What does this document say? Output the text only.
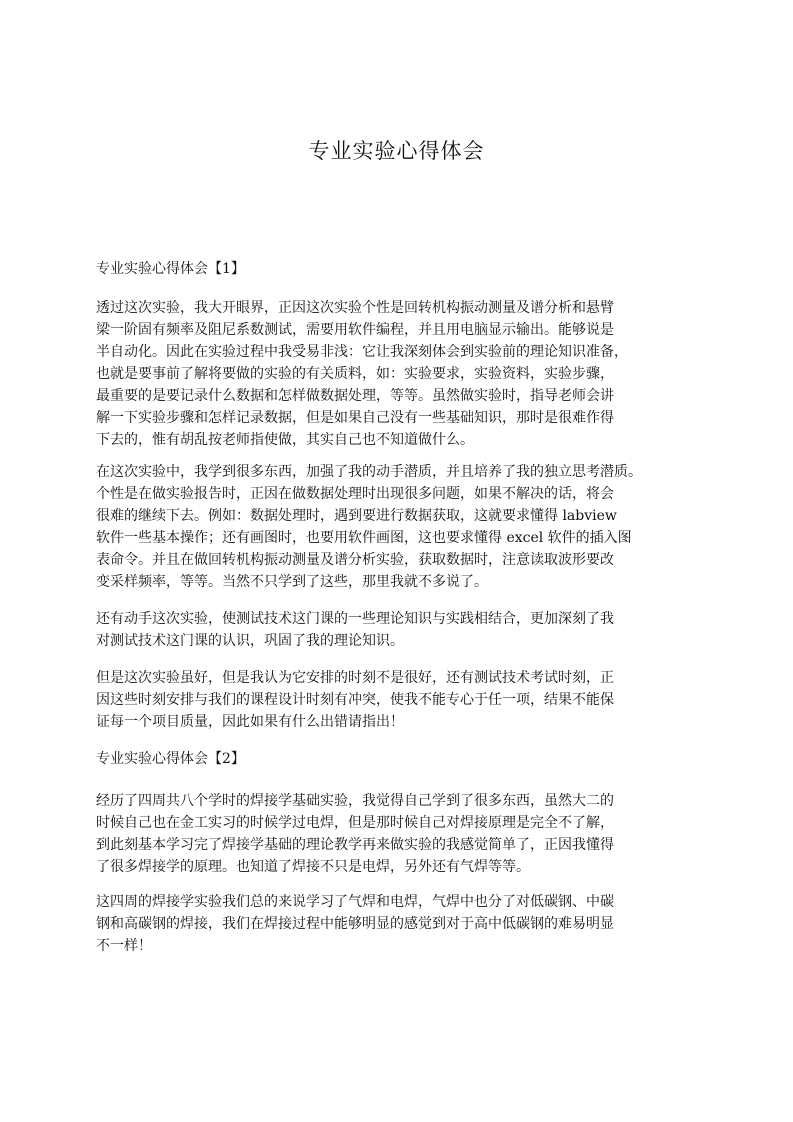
专业实验心得体会
专业实验心得体会【1】
透过这次实验，我大开眼界，正因这次实验个性是回转机构振动测量及谱分析和悬臂
梁一阶固有频率及阻尼系数测试，需要用软件编程，并且用电脑显示输出。能够说是
半自动化。因此在实验过程中我受易非浅：它让我深刻体会到实验前的理论知识准备，
也就是要事前了解将要做的实验的有关质料，如：实验要求，实验资料，实验步骤，
最重要的是要记录什么数据和怎样做数据处理，等等。虽然做实验时，指导老师会讲
解一下实验步骤和怎样记录数据，但是如果自己没有一些基础知识，那时是很难作得
下去的，惟有胡乱按老师指使做，其实自己也不知道做什么。
在这次实验中，我学到很多东西，加强了我的动手潜质，并且培养了我的独立思考潜质。
个性是在做实验报告时，正因在做数据处理时出现很多问题，如果不解决的话，将会
很难的继续下去。例如：数据处理时，遇到要进行数据获取，这就要求懂得 labview
软件一些基本操作；还有画图时，也要用软件画图，这也要求懂得 excel 软件的插入图
表命令。并且在做回转机构振动测量及谱分析实验，获取数据时，注意读取波形要改
变采样频率，等等。当然不只学到了这些，那里我就不多说了。
还有动手这次实验，使测试技术这门课的一些理论知识与实践相结合，更加深刻了我
对测试技术这门课的认识，巩固了我的理论知识。
但是这次实验虽好，但是我认为它安排的时刻不是很好，还有测试技术考试时刻，正
因这些时刻安排与我们的课程设计时刻有冲突，使我不能专心于任一项，结果不能保
证每一个项目质量，因此如果有什么出错请指出！
专业实验心得体会【2】
经历了四周共八个学时的焊接学基础实验，我觉得自己学到了很多东西，虽然大二的
时候自己也在金工实习的时候学过电焊，但是那时候自己对焊接原理是完全不了解，
到此刻基本学习完了焊接学基础的理论教学再来做实验的我感觉简单了，正因我懂得
了很多焊接学的原理。也知道了焊接不只是电焊，另外还有气焊等等。
这四周的焊接学实验我们总的来说学习了气焊和电焊，气焊中也分了对低碳钢、中碳
钢和高碳钢的焊接，我们在焊接过程中能够明显的感觉到对于高中低碳钢的难易明显
不一样！
